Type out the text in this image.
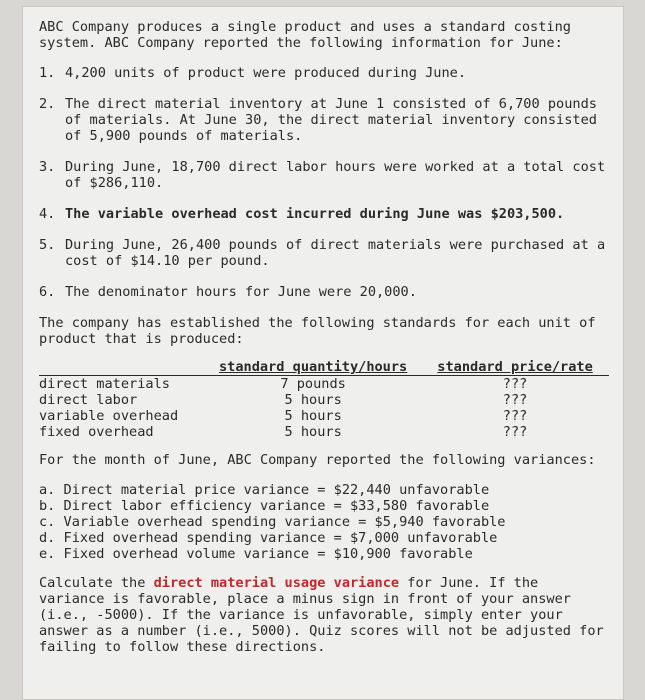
ABC Company produces a single product and uses a standard costing system. ABC Company reported the following information for June:

1. 4,200 units of product were produced during June.
2. The direct material inventory at June 1 consisted of 6,700 pounds of materials. At June 30, the direct material inventory consisted of 5,900 pounds of materials.
3. During June, 18,700 direct labor hours were worked at a total cost of $286,110.
4. The variable overhead cost incurred during June was $203,500.
5. During June, 26,400 pounds of direct materials were purchased at a cost of $14.10 per pound.
6. The denominator hours for June were 20,000.

The company has established the following standards for each unit of product that is produced:

	standard quantity/hours	standard price/rate
direct materials	7 pounds	???
direct labor	5 hours	???
variable overhead	5 hours	???
fixed overhead	5 hours	???

For the month of June, ABC Company reported the following variances:

a. Direct material price variance = $22,440 unfavorable
b. Direct labor efficiency variance = $33,580 favorable
c. Variable overhead spending variance = $5,940 favorable
d. Fixed overhead spending variance = $7,000 unfavorable
e. Fixed overhead volume variance = $10,900 favorable

Calculate the direct material usage variance for June. If the variance is favorable, place a minus sign in front of your answer (i.e., -5000). If the variance is unfavorable, simply enter your answer as a number (i.e., 5000). Quiz scores will not be adjusted for failing to follow these directions.
